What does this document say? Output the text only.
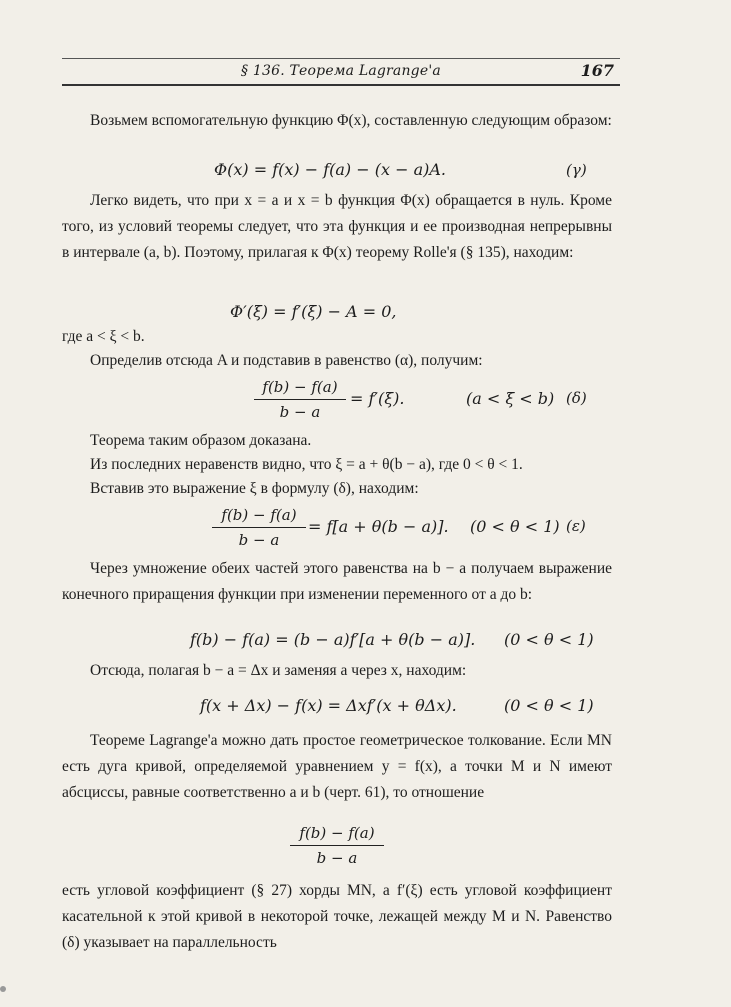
§ 136. Теорема Lagrange'а	167
Возьмем вспомогательную функцию Φ(x), составленную следующим образом:
Φ(x) = f(x) − f(a) − (x − a)A.	(γ)
Легко видеть, что при x = a и x = b функция Φ(x) обращается в нуль. Кроме того, из условий теоремы следует, что эта функция и ее производная непрерывны в интервале (a, b). Поэтому, прилагая к Φ(x) теорему Rolle'я (§ 135), находим:
Φ′(ξ) = f′(ξ) − A = 0,
где a < ξ < b.
Определив отсюда A и подставив в равенство (α), получим:
f(b) − f(a)
b − a
= f′(ξ).	(a < ξ < b) (δ)
Теорема таким образом доказана.
Из последних неравенств видно, что ξ = a + θ(b − a), где 0 < θ < 1.
Вставив это выражение ξ в формулу (δ), находим:
f(b) − f(a)
b − a
= f[a + θ(b − a)]. (0 < θ < 1) (ε)
Через умножение обеих частей этого равенства на b − a получаем выражение конечного приращения функции при изменении переменного от a до b:
f(b) − f(a) = (b − a)f′[a + θ(b − a)]. (0 < θ < 1)
Отсюда, полагая b − a = Δx и заменяя a через x, находим:
f(x + Δx) − f(x) = Δxf′(x + θΔx).	(0 < θ < 1)
Теореме Lagrange'а можно дать простое геометрическое толкование. Если MN есть дуга кривой, определяемой уравнением y = f(x), а точки M и N имеют абсциссы, равные соответственно a и b (черт. 61), то отношение
f(b) − f(a)
b − a
есть угловой коэффициент (§ 27) хорды MN, а f′(ξ) есть угловой коэффициент касательной к этой кривой в некоторой точке, лежащей между M и N. Равенство (δ) указывает на параллельность
